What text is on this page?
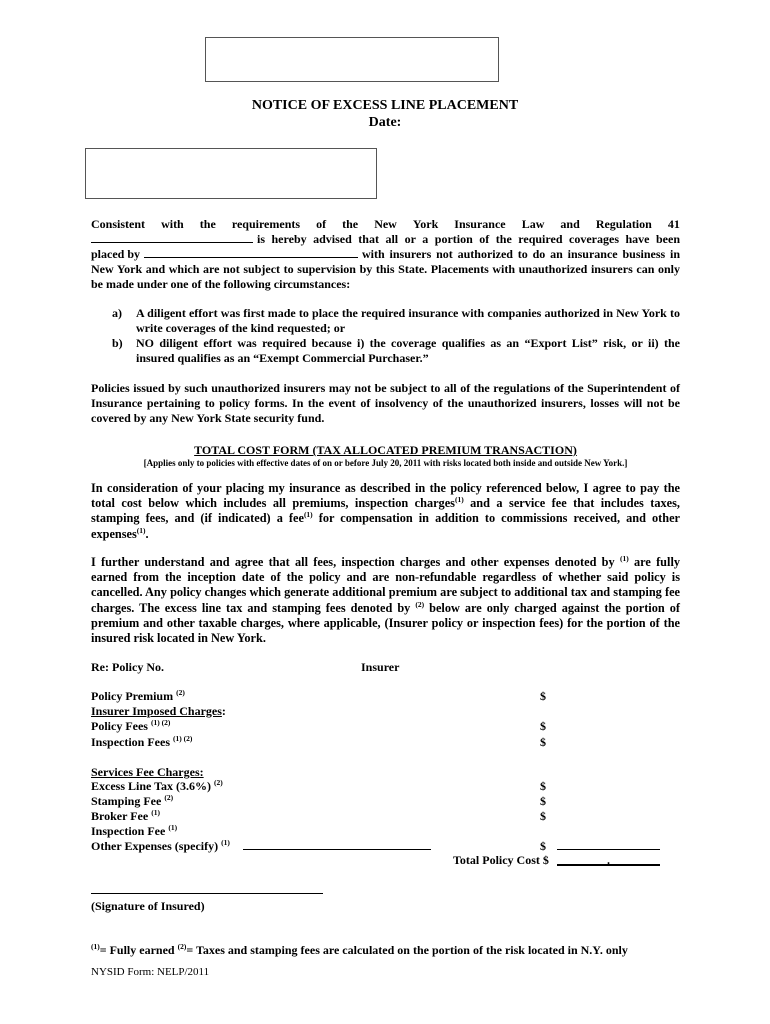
NOTICE OF EXCESS LINE PLACEMENT
Date:
Consistent with the requirements of the New York Insurance Law and Regulation 41
is hereby advised that all or a portion of the required coverages have been
placed by	with insurers not authorized to do an insurance business in
New York and which are not subject to supervision by this State. Placements with unauthorized insurers can only be made under one of the following circumstances:
a) A diligent effort was first made to place the required insurance with companies authorized in New York to write coverages of the kind requested; or
b) NO diligent effort was required because i) the coverage qualifies as an “Export List” risk, or ii) the insured qualifies as an “Exempt Commercial Purchaser.”
Policies issued by such unauthorized insurers may not be subject to all of the regulations of the Superintendent of Insurance pertaining to policy forms. In the event of insolvency of the unauthorized insurers, losses will not be covered by any New York State security fund.
TOTAL COST FORM (TAX ALLOCATED PREMIUM TRANSACTION)
[Applies only to policies with effective dates of on or before July 20, 2011 with risks located both inside and outside New York.]
In consideration of your placing my insurance as described in the policy referenced below, I agree to pay the total cost below which includes all premiums, inspection charges$^{(1)}$ and a service fee that includes taxes, stamping fees, and (if indicated) a fee$^{(1)}$ for compensation in addition to commissions received, and other expenses$^{(1)}$.
I further understand and agree that all fees, inspection charges and other expenses denoted by $^{(1)}$ are fully earned from the inception date of the policy and are non-refundable regardless of whether said policy is cancelled. Any policy changes which generate additional premium are subject to additional tax and stamping fee charges. The excess line tax and stamping fees denoted by $^{(2)}$ below are only charged against the portion of premium and other taxable charges, where applicable, (Insurer policy or inspection fees) for the portion of the insured risk located in New York.
Re: Policy No.	Insurer
Policy Premium $^{(2)}$	$
Insurer Imposed Charges:
Policy Fees $^{(1) (2)}$	$
Inspection Fees $^{(1) (2)}$	$
Services Fee Charges:
Excess Line Tax (3.6%) $^{(2)}$	$
Stamping Fee $^{(2)}$	$
Broker Fee $^{(1)}$	$
Inspection Fee $^{(1)}$
Other Expenses (specify) $^{(1)}$	$
Total Policy Cost $	.
(Signature of Insured)
$^{(1)}$= Fully earned $^{(2)}$= Taxes and stamping fees are calculated on the portion of the risk located in N.Y. only
NYSID Form: NELP/2011
